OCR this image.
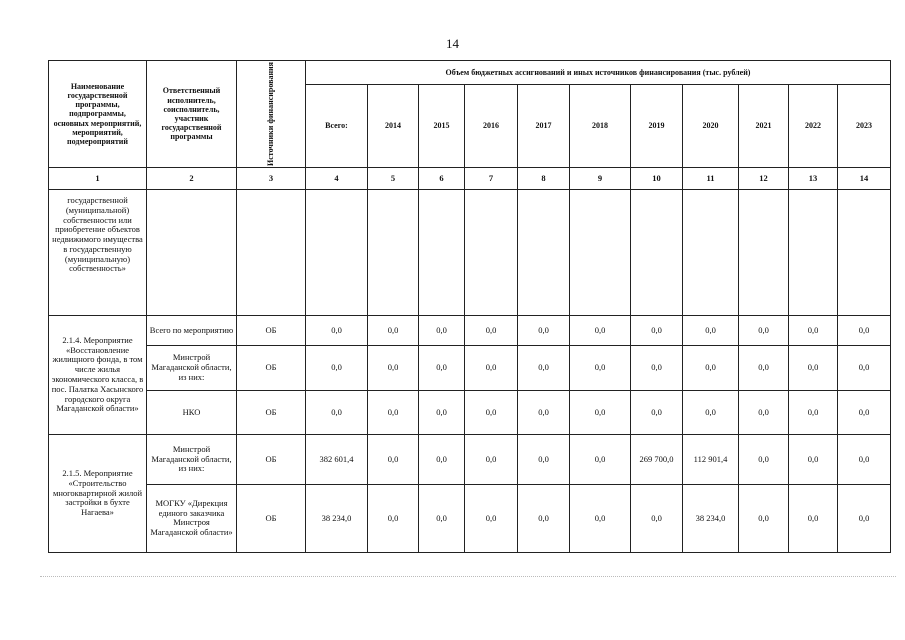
14
Наименование государственной программы, подпрограммы, основных мероприятий, мероприятий, подмероприятий	Ответственный исполнитель, соисполнитель, участник государственной программы	Источники финансирования	Объем бюджетных ассигнований и иных источников финансирования (тыс. рублей)										
			Всего:	2014	2015	2016	2017	2018	2019	2020	2021	2022	2023
1	2	3	4	5	6	7	8	9	10	11	12	13	14
государственной (муниципальной) собственности или приобретение объектов недвижимого имущества в государственную (муниципальную) собственность»													
2.1.4. Мероприятие «Восстановление жилищного фонда, в том числе жилья экономического класса, в пос. Палатка Хасынского городского округа Магаданской области»	Всего по мероприятию	ОБ	0,0	0,0	0,0	0,0	0,0	0,0	0,0	0,0	0,0	0,0	0,0
	Минстрой Магаданской области, из них:	ОБ	0,0	0,0	0,0	0,0	0,0	0,0	0,0	0,0	0,0	0,0	0,0
	НКО	ОБ	0,0	0,0	0,0	0,0	0,0	0,0	0,0	0,0	0,0	0,0	0,0
2.1.5. Мероприятие «Строительство многоквартирной жилой застройки в бухте Нагаева»	Минстрой Магаданской области, из них:	ОБ	382 601,4	0,0	0,0	0,0	0,0	0,0	269 700,0	112 901,4	0,0	0,0	0,0
	МОГКУ «Дирекция единого заказчика Минстроя Магаданской области»	ОБ	38 234,0	0,0	0,0	0,0	0,0	0,0	0,0	38 234,0	0,0	0,0	0,0
